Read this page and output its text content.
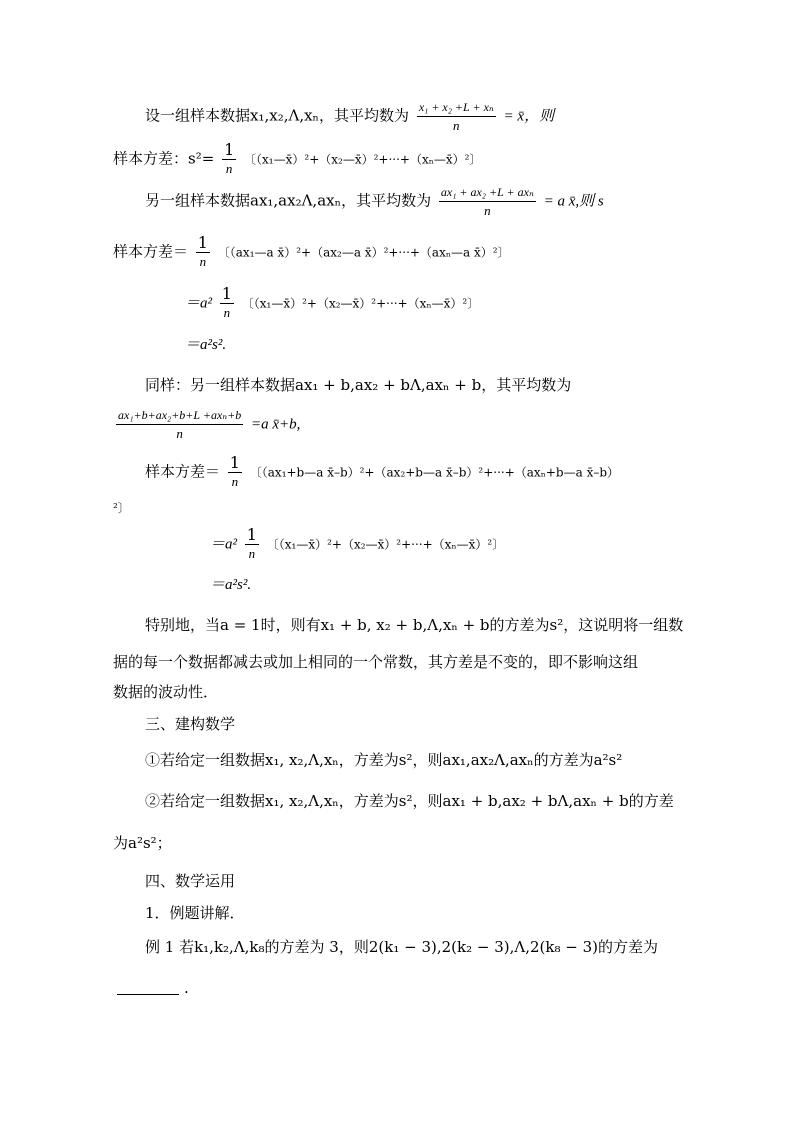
设一组样本数据x₁,x₂,Λ,xₙ，其平均数为 $\frac{\text{x₁ + x₂ +L + xₙ}}{n}$ = x̄，则
样本方差：$s^2= \frac{1}{n}$ 〔（x₁—x̄）²+（x₂—x̄）²+···+（xₙ—x̄）²〕
另一组样本数据ax₁,ax₂Λ,axₙ，其平均数为 $\frac{\text{ax₁ + ax₂ +L + axₙ}}{n} = a$ x̄,则 s
样本方差＝ $\frac{1}{n}$ 〔（ax₁—a x̄）²+（ax₂—a x̄）²+···+（axₙ—a x̄）²〕
$=a^2 \frac{1}{n}$ 〔（x₁—x̄）²+（x₂—x̄）²+···+（xₙ—x̄）²〕
＝a²s².
同样：另一组样本数据ax₁ + b,ax₂ + bΛ,axₙ + b，其平均数为
$\frac{\text{ax₁+b+ax₂+b+L +axₙ+b}}{n} =a$ x̄+b,
样本方差＝ $\frac{1}{n}$ 〔（ax₁+b—a x̄–b）²+（ax₂+b—a x̄–b）²+···+（axₙ+b—a x̄–b）
²〕
$=a^2 \frac{1}{n}$ 〔（x₁—x̄）²+（x₂—x̄）²+···+（xₙ—x̄）²〕
＝a²s².
特别地，当a = 1时，则有x₁ + b, x₂ + b,Λ,xₙ + b的方差为s²，这说明将一组数
据的每一个数据都减去或加上相同的一个常数，其方差是不变的，即不影响这组
数据的波动性．
三、建构数学
①若给定一组数据x₁, x₂,Λ,xₙ，方差为s²，则ax₁,ax₂Λ,axₙ的方差为a²s²
②若给定一组数据x₁, x₂,Λ,xₙ，方差为s²，则ax₁ + b,ax₂ + bΛ,axₙ + b的方差
为a²s²；
四、数学运用
1．例题讲解．
例 1 若k₁,k₂,Λ,k₈的方差为 3，则2(k₁ − 3),2(k₂ − 3),Λ,2(k₈ − 3)的方差为
.
